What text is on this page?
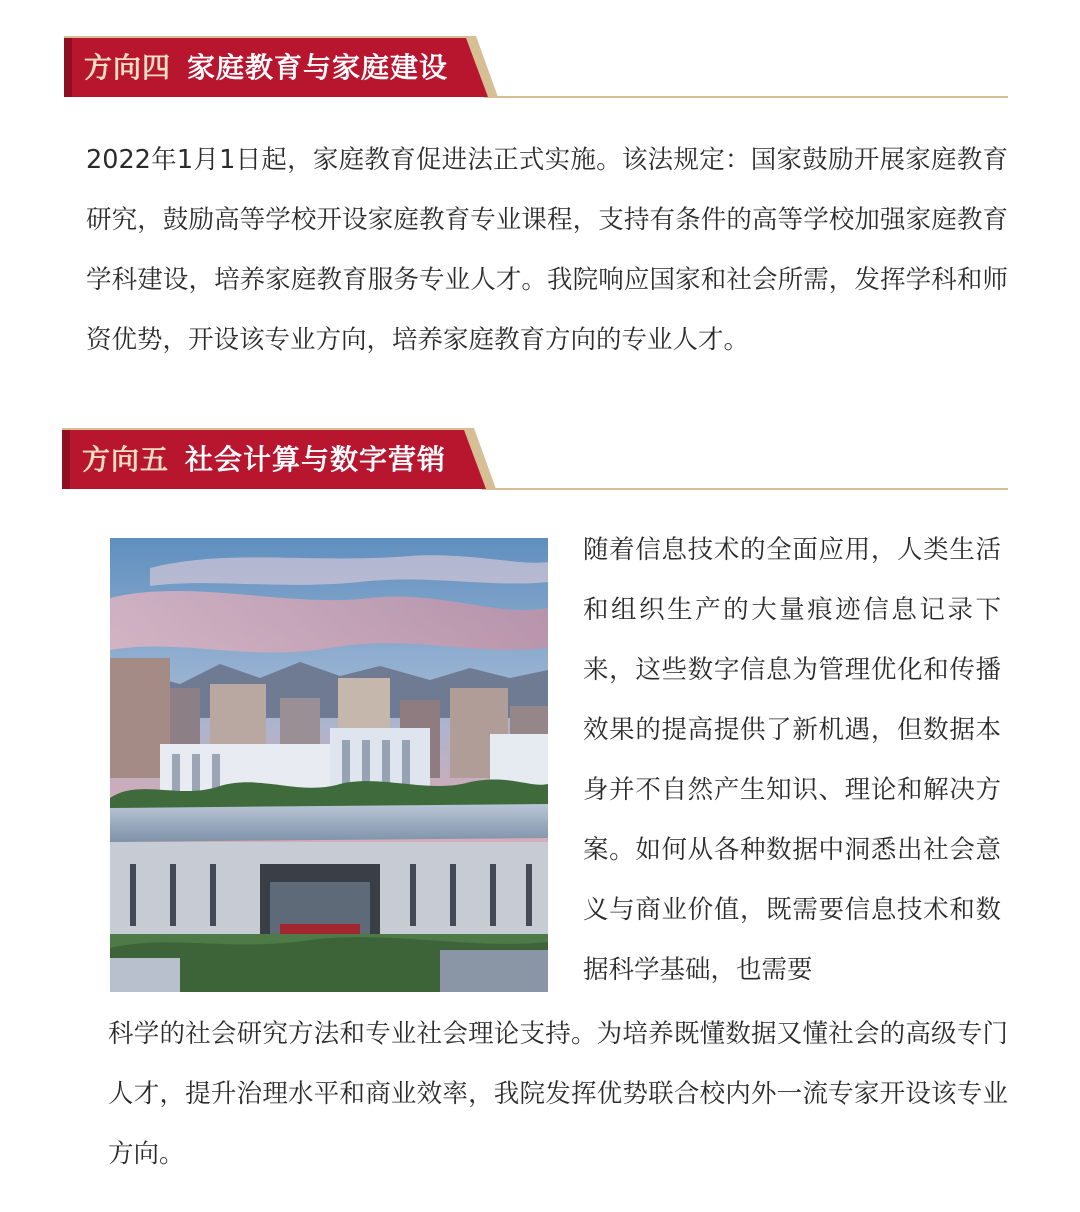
方向四 家庭教育与家庭建设

2022年1月1日起，家庭教育促进法正式实施。该法规定：国家鼓励开展家庭教育研究，鼓励高等学校开设家庭教育专业课程，支持有条件的高等学校加强家庭教育学科建设，培养家庭教育服务专业人才。我院响应国家和社会所需，发挥学科和师资优势，开设该专业方向，培养家庭教育方向的专业人才。

方向五 社会计算与数字营销

随着信息技术的全面应用，人类生活和组织生产的大量痕迹信息记录下来，这些数字信息为管理优化和传播效果的提高提供了新机遇，但数据本身并不自然产生知识、理论和解决方案。如何从各种数据中洞悉出社会意义与商业价值，既需要信息技术和数据科学基础，也需要

科学的社会研究方法和专业社会理论支持。为培养既懂数据又懂社会的高级专门人才，提升治理水平和商业效率，我院发挥优势联合校内外一流专家开设该专业方向。
